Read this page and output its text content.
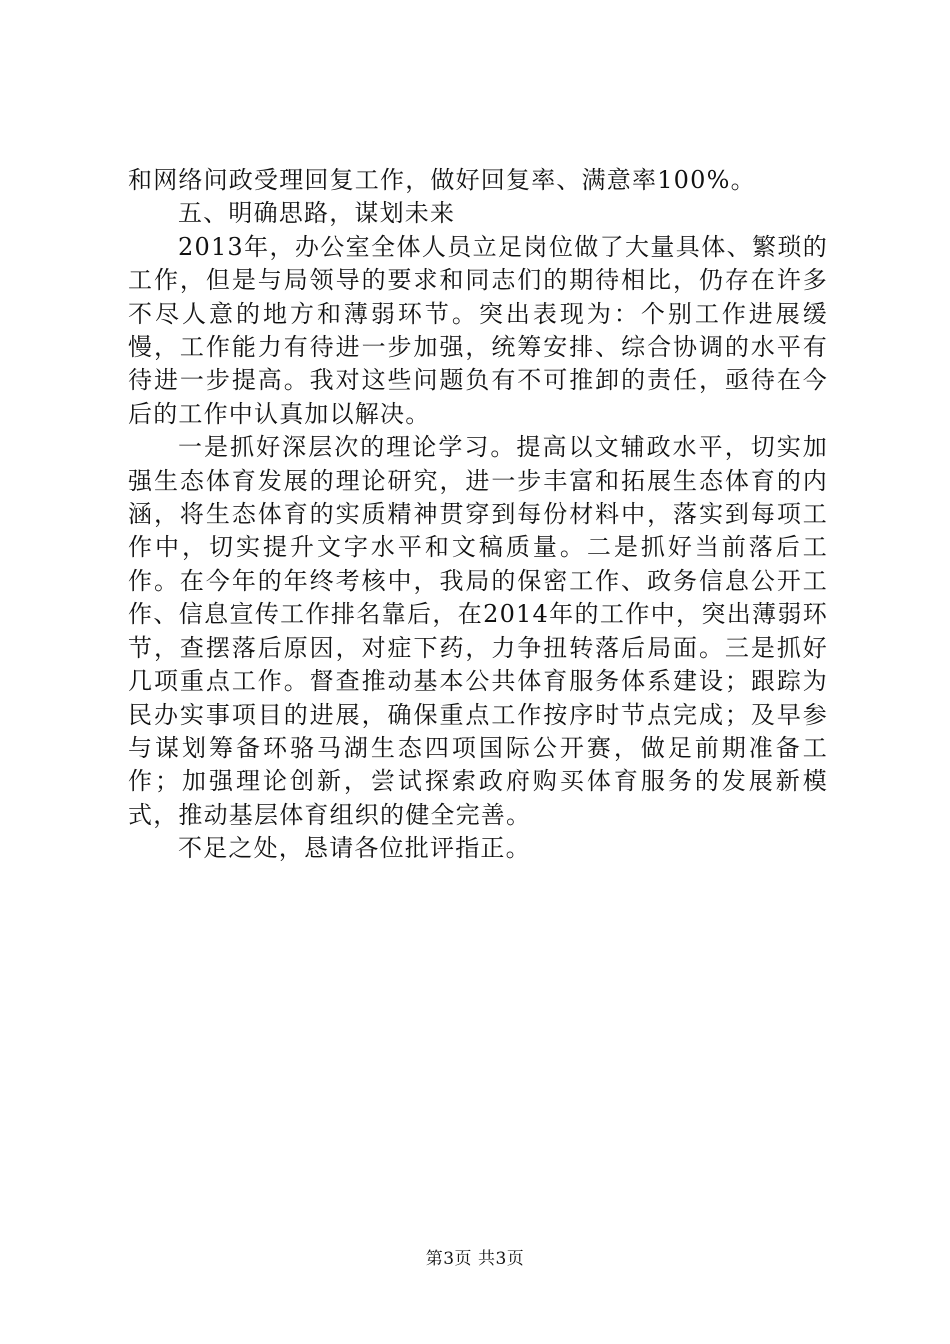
和网络问政受理回复工作，做好回复率、满意率100%。

五、明确思路，谋划未来

2013年，办公室全体人员立足岗位做了大量具体、繁琐的工作，但是与局领导的要求和同志们的期待相比，仍存在许多不尽人意的地方和薄弱环节。突出表现为：个别工作进展缓慢，工作能力有待进一步加强，统筹安排、综合协调的水平有待进一步提高。我对这些问题负有不可推卸的责任，亟待在今后的工作中认真加以解决。

一是抓好深层次的理论学习。提高以文辅政水平，切实加强生态体育发展的理论研究，进一步丰富和拓展生态体育的内涵，将生态体育的实质精神贯穿到每份材料中，落实到每项工作中，切实提升文字水平和文稿质量。二是抓好当前落后工作。在今年的年终考核中，我局的保密工作、政务信息公开工作、信息宣传工作排名靠后，在2014年的工作中，突出薄弱环节，查摆落后原因，对症下药，力争扭转落后局面。三是抓好几项重点工作。督查推动基本公共体育服务体系建设；跟踪为民办实事项目的进展，确保重点工作按序时节点完成；及早参与谋划筹备环骆马湖生态四项国际公开赛，做足前期准备工作；加强理论创新，尝试探索政府购买体育服务的发展新模式，推动基层体育组织的健全完善。

不足之处，恳请各位批评指正。

第3页 共3页
